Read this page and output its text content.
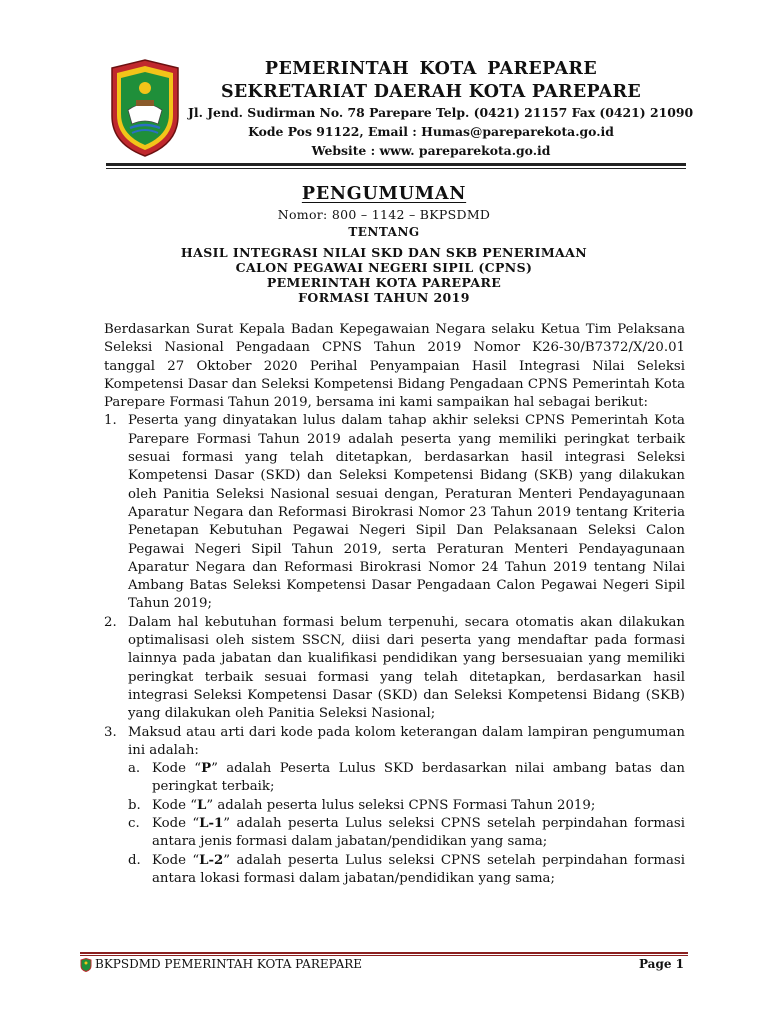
PEMERINTAH KOTA PAREPARE
SEKRETARIAT DAERAH KOTA PAREPARE
Jl. Jend. Sudirman No. 78 Parepare Telp. (0421) 21157 Fax (0421) 21090
Kode Pos 91122, Email : Humas@pareparekota.go.id
Website : www. pareparekota.go.id
PENGUMUMAN
Nomor: 800 – 1142 – BKPSDMD
TENTANG
HASIL INTEGRASI NILAI SKD DAN SKB PENERIMAAN
CALON PEGAWAI NEGERI SIPIL (CPNS)
PEMERINTAH KOTA PAREPARE
FORMASI TAHUN 2019

Berdasarkan Surat Kepala Badan Kepegawaian Negara selaku Ketua Tim Pelaksana Seleksi Nasional Pengadaan CPNS Tahun 2019 Nomor K26-30/B7372/X/20.01 tanggal 27 Oktober 2020 Perihal Penyampaian Hasil Integrasi Nilai Seleksi Kompetensi Dasar dan Seleksi Kompetensi Bidang Pengadaan CPNS Pemerintah Kota Parepare Formasi Tahun 2019, bersama ini kami sampaikan hal sebagai berikut:

1. Peserta yang dinyatakan lulus dalam tahap akhir seleksi CPNS Pemerintah Kota Parepare Formasi Tahun 2019 adalah peserta yang memiliki peringkat terbaik sesuai formasi yang telah ditetapkan, berdasarkan hasil integrasi Seleksi Kompetensi Dasar (SKD) dan Seleksi Kompetensi Bidang (SKB) yang dilakukan oleh Panitia Seleksi Nasional sesuai dengan, Peraturan Menteri Pendayagunaan Aparatur Negara dan Reformasi Birokrasi Nomor 23 Tahun 2019 tentang Kriteria Penetapan Kebutuhan Pegawai Negeri Sipil Dan Pelaksanaan Seleksi Calon Pegawai Negeri Sipil Tahun 2019, serta Peraturan Menteri Pendayagunaan Aparatur Negara dan Reformasi Birokrasi Nomor 24 Tahun 2019 tentang Nilai Ambang Batas Seleksi Kompetensi Dasar Pengadaan Calon Pegawai Negeri Sipil Tahun 2019;

2. Dalam hal kebutuhan formasi belum terpenuhi, secara otomatis akan dilakukan optimalisasi oleh sistem SSCN, diisi dari peserta yang mendaftar pada formasi lainnya pada jabatan dan kualifikasi pendidikan yang bersesuaian yang memiliki peringkat terbaik sesuai formasi yang telah ditetapkan, berdasarkan hasil integrasi Seleksi Kompetensi Dasar (SKD) dan Seleksi Kompetensi Bidang (SKB) yang dilakukan oleh Panitia Seleksi Nasional;

3. Maksud atau arti dari kode pada kolom keterangan dalam lampiran pengumuman ini adalah:

a. Kode “P” adalah Peserta Lulus SKD berdasarkan nilai ambang batas dan peringkat terbaik;

b. Kode “L” adalah peserta lulus seleksi CPNS Formasi Tahun 2019;

c. Kode “L-1” adalah peserta Lulus seleksi CPNS setelah perpindahan formasi antara jenis formasi dalam jabatan/pendidikan yang sama;

d. Kode “L-2” adalah peserta Lulus seleksi CPNS setelah perpindahan formasi antara lokasi formasi dalam jabatan/pendidikan yang sama;

BKPSDMD PEMERINTAH KOTA PAREPARE	Page 1
